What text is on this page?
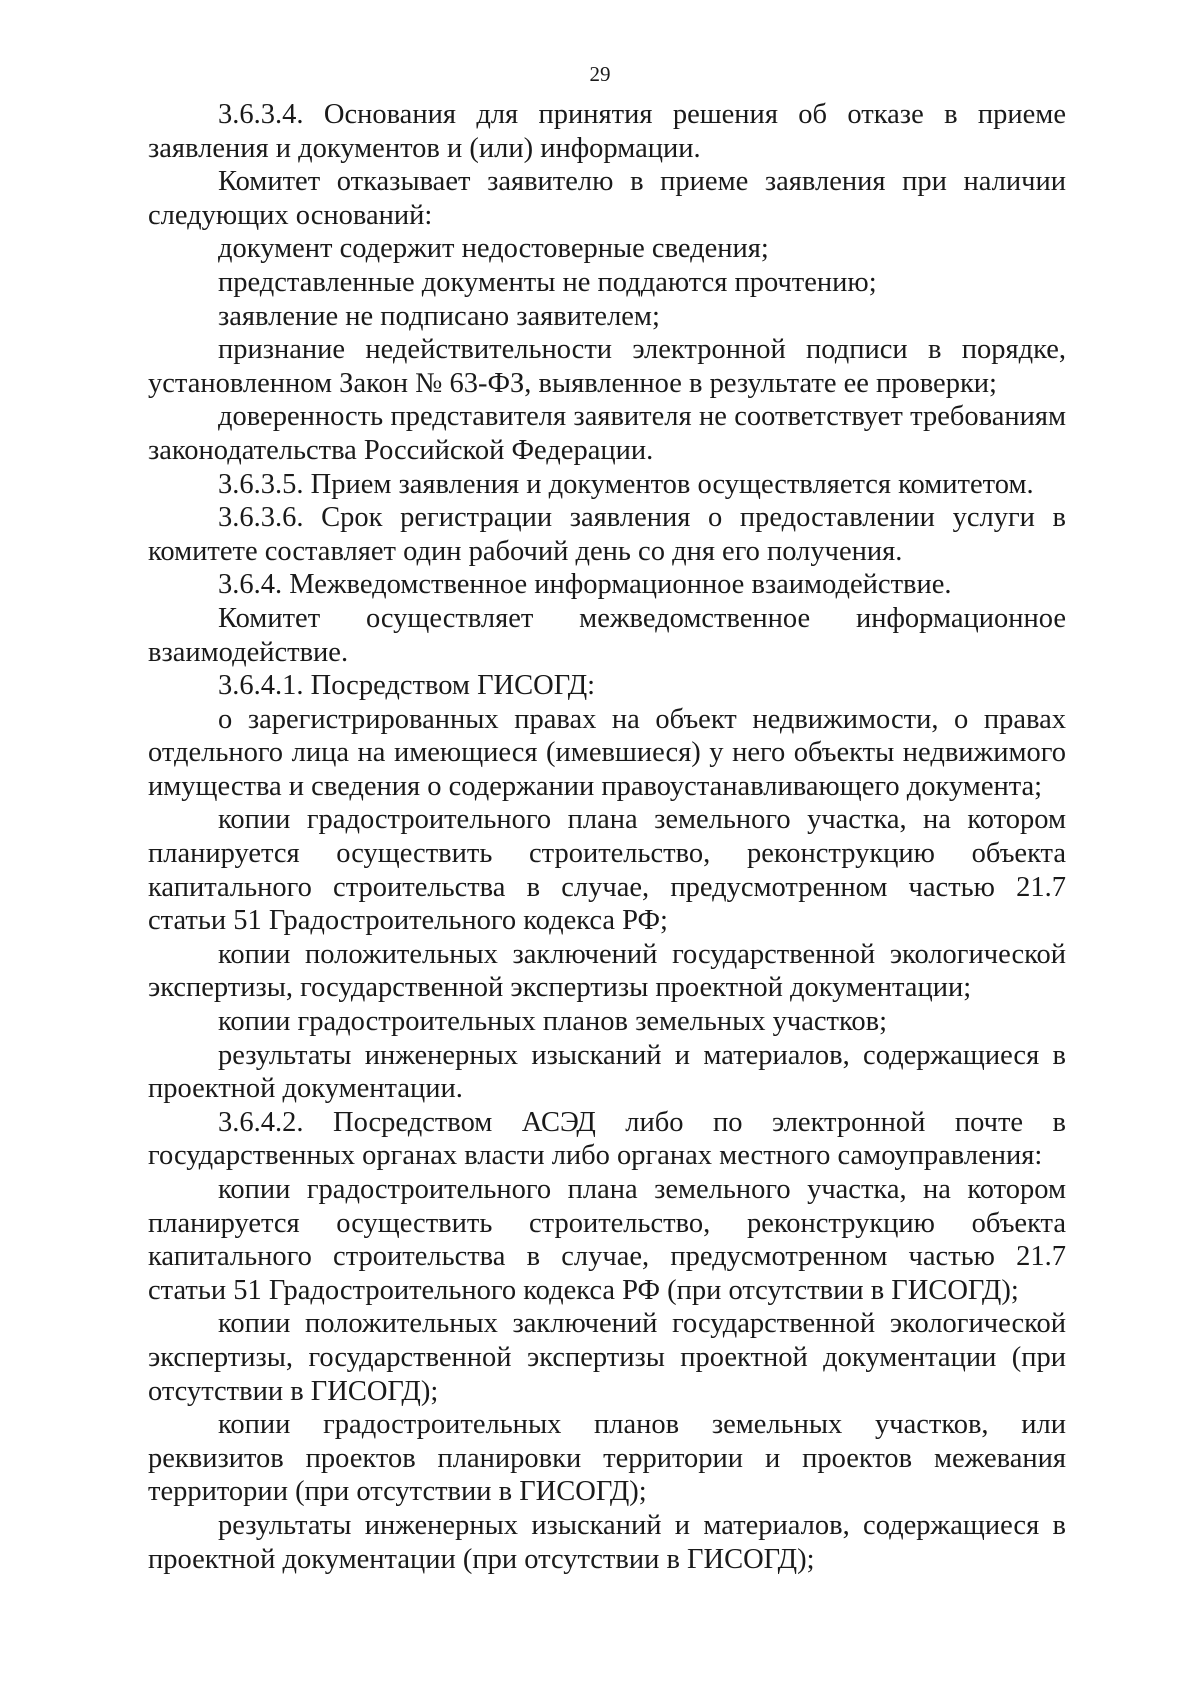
29

3.6.3.4. Основания для принятия решения об отказе в приеме заявления и документов и (или) информации.

Комитет отказывает заявителю в приеме заявления при наличии следующих оснований:

документ содержит недостоверные сведения;

представленные документы не поддаются прочтению;

заявление не подписано заявителем;

признание недействительности электронной подписи в порядке, установленном Закон № 63-ФЗ, выявленное в результате ее проверки;

доверенность представителя заявителя не соответствует требованиям законодательства Российской Федерации.

3.6.3.5. Прием заявления и документов осуществляется комитетом.

3.6.3.6. Срок регистрации заявления о предоставлении услуги в комитете составляет один рабочий день со дня его получения.

3.6.4. Межведомственное информационное взаимодействие.

Комитет осуществляет межведомственное информационное взаимодействие.

3.6.4.1. Посредством ГИСОГД:

о зарегистрированных правах на объект недвижимости, о правах отдельного лица на имеющиеся (имевшиеся) у него объекты недвижимого имущества и сведения о содержании правоустанавливающего документа;

копии градостроительного плана земельного участка, на котором планируется осуществить строительство, реконструкцию объекта капитального строительства в случае, предусмотренном частью 21.7 статьи 51 Градостроительного кодекса РФ;

копии положительных заключений государственной экологической экспертизы, государственной экспертизы проектной документации;

копии градостроительных планов земельных участков;

результаты инженерных изысканий и материалов, содержащиеся в проектной документации.

3.6.4.2. Посредством АСЭД либо по электронной почте в государственных органах власти либо органах местного самоуправления:

копии градостроительного плана земельного участка, на котором планируется осуществить строительство, реконструкцию объекта капитального строительства в случае, предусмотренном частью 21.7 статьи 51 Градостроительного кодекса РФ (при отсутствии в ГИСОГД);

копии положительных заключений государственной экологической экспертизы, государственной экспертизы проектной документации (при отсутствии в ГИСОГД);

копии градостроительных планов земельных участков, или реквизитов проектов планировки территории и проектов межевания территории (при отсутствии в ГИСОГД);

результаты инженерных изысканий и материалов, содержащиеся в проектной документации (при отсутствии в ГИСОГД);
